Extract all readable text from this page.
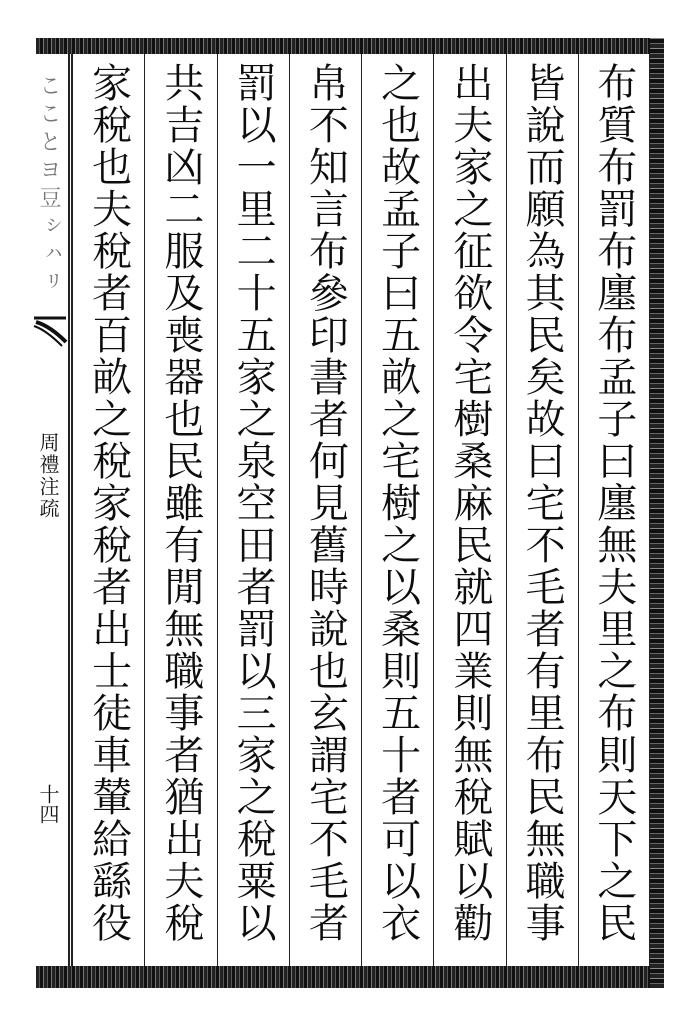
こことヨ豆ㇱㇵㇼ
周禮注疏
十四	布質布罰布廛布孟子曰廛無夫里之布則天下之民
皆說而願為其民矣故曰宅不毛者有里布民無職事
出夫家之征欲令宅樹桑麻民就四業則無稅賦以勸
之也故孟子曰五畝之宅樹之以桑則五十者可以衣
帛不知言布參印書者何見舊時說也玄謂宅不毛者
罰以一里二十五家之泉空田者罰以三家之稅粟以
共吉凶二服及喪器也民雖有閒無職事者猶出夫稅
家稅也夫稅者百畝之稅家稅者出士徒車輦給繇役
